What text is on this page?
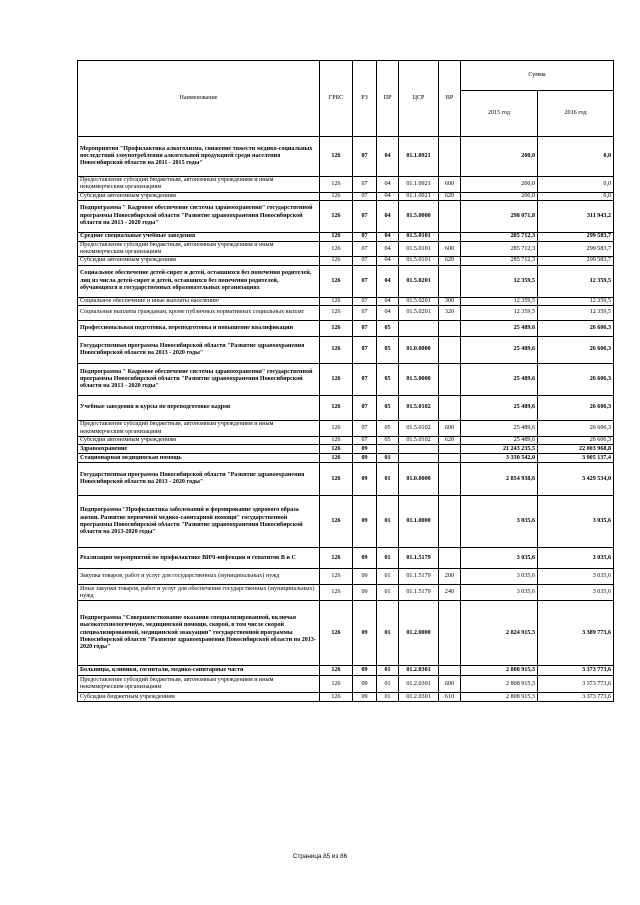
Наименование	ГРБС	РЗ	ПР	ЦСР	ВР	Сумма	
						2015 год	2016 год
Мероприятия "Профилактика алкоголизма, снижение тяжести медико-социальных последствий злоупотребления алкогольной продукцией среди населения Новосибирской области на 2011 - 2015 годы"	126	07	04	01.1.0921		200,0	0,0
Предоставление субсидий бюджетным, автономным учреждениям и иным некоммерческим организациям	126	07	04	01.1.0921	600	200,0	0,0
Субсидии автономным учреждениям	126	07	04	01.1.0921	620	200,0	0,0
Подпрограмма " Кадровое обеспечение системы здравоохранения" государственной программы Новосибирской области "Развитие здравоохранения Новосибирской области на 2013 - 2020 годы"	126	07	04	01.5.0000		298 071,8	311 943,2
Средние специальные учебные заведения	126	07	04	01.5.0101		285 712,3	299 583,7
Предоставление субсидий бюджетным, автономным учреждениям и иным некоммерческим организациям	126	07	04	01.5.0101	600	285 712,3	299 583,7
Субсидии автономным учреждениям	126	07	04	01.5.0101	620	285 712,3	299 583,7
Социальное обеспечение детей-сирот и детей, оставшихся без попечения родителей, лиц из числа детей-сирот и детей, оставшихся без попечения родителей, обучающихся в государственных образовательных организациях	126	07	04	01.5.0201		12 359,5	12 359,5
Социальное обеспечение и иные выплаты населению	126	07	04	01.5.0201	300	12 359,5	12 359,5
Социальные выплаты гражданам, кроме публичных нормативных социальных выплат	126	07	04	01.5.0201	320	12 359,5	12 359,5
Профессиональная подготовка, переподготовка и повышение квалификации	126	07	05			25 489,6	26 606,3
Государственная программа Новосибирской области "Развитие здравоохранения Новосибирской области на 2013 - 2020 годы"	126	07	05	01.0.0000		25 489,6	26 606,3
Подпрограмма " Кадровое обеспечение системы здравоохранения" государственной программы Новосибирской области "Развитие здравоохранения Новосибирской области на 2013 - 2020 годы"	126	07	05	01.5.0000		25 489,6	26 606,3
Учебные заведения и курсы по переподготовке кадров	126	07	05	01.5.0102		25 489,6	26 606,3
Предоставление субсидий бюджетным, автономным учреждениям и иным некоммерческим организациям	126	07	05	01.5.0102	600	25 489,6	26 606,3
Субсидии автономным учреждениям	126	07	05	01.5.0102	620	25 489,6	26 606,3
Здравоохранение	126	09				21 243 235,5	22 003 968,8
Стационарная медицинская помощь	126	09	01			3 330 542,0	3 905 137,4
Государственная программа Новосибирской области "Развитие здравоохранения Новосибирской области на 2013 - 2020 годы"	126	09	01	01.0.0000		2 854 938,6	3 429 534,0
Подпрограмма "Профилактика заболеваний и формирование здорового образа жизни. Развитие первичной медико-санитарной помощи" государственной программы Новосибирской области "Развитие здравоохранения Новосибирской области на 2013-2020 годы"	126	09	01	01.1.0000		3 035,6	3 035,6
Реализация мероприятий по профилактике ВИЧ-инфекции и гепатитов В и С	126	09	01	01.1.5179		3 035,6	3 035,6
Закупка товаров, работ и услуг для государственных (муниципальных) нужд	126	09	01	01.1.5179	200	3 035,6	3 035,6
Иные закупки товаров, работ и услуг для обеспечения государственных (муниципальных) нужд	126	09	01	01.1.5179	240	3 035,6	3 035,6
Подпрограмма "Совершенствование оказания специализированной, включая высокотехнологичную, медицинской помощи, скорой, в том числе скорой специализированной, медицинской эвакуации" государственной программы Новосибирской области "Развитие здравоохранения Новосибирской области на 2013-2020 годы"	126	09	01	01.2.0000		2 824 915,3	3 389 773,6
Больницы, клиники, госпитали, медико-санитарные части	126	09	01	01.2.0301		2 808 915,3	3 373 773,6
Предоставление субсидий бюджетным, автономным учреждениям и иным некоммерческим организациям	126	09	01	01.2.0301	600	2 808 915,3	3 373 773,6
Субсидии бюджетным учреждениям	126	09	01	01.2.0301	610	2 808 915,3	3 373 773,6
Страница 85 из 86
